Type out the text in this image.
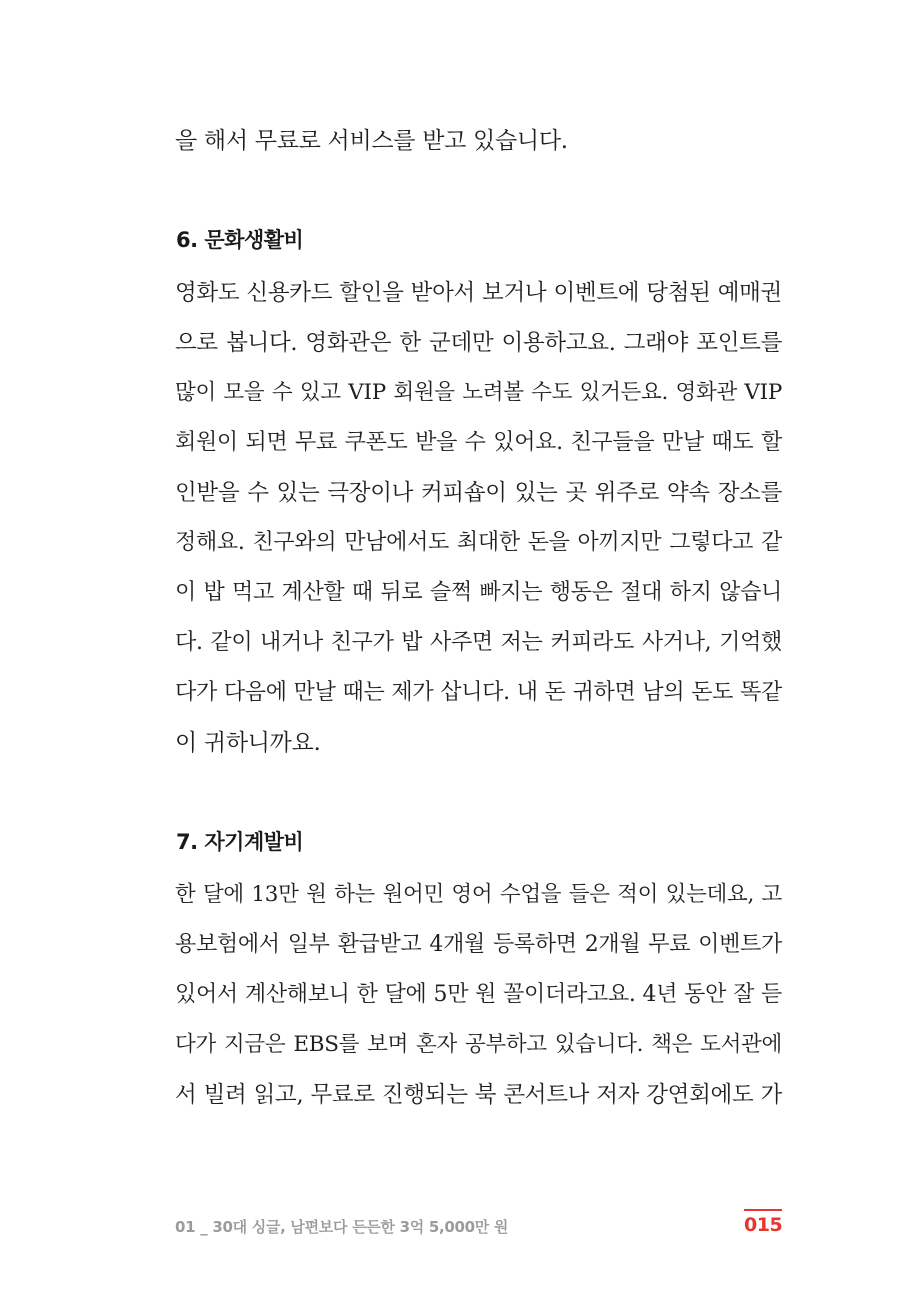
을 해서 무료로 서비스를 받고 있습니다.
6. 문화생활비
영화도 신용카드 할인을 받아서 보거나 이벤트에 당첨된 예매권
으로 봅니다. 영화관은 한 군데만 이용하고요. 그래야 포인트를
많이 모을 수 있고 VIP 회원을 노려볼 수도 있거든요. 영화관 VIP
회원이 되면 무료 쿠폰도 받을 수 있어요. 친구들을 만날 때도 할
인받을 수 있는 극장이나 커피숍이 있는 곳 위주로 약속 장소를
정해요. 친구와의 만남에서도 최대한 돈을 아끼지만 그렇다고 같
이 밥 먹고 계산할 때 뒤로 슬쩍 빠지는 행동은 절대 하지 않습니
다. 같이 내거나 친구가 밥 사주면 저는 커피라도 사거나, 기억했
다가 다음에 만날 때는 제가 삽니다. 내 돈 귀하면 남의 돈도 똑같
이 귀하니까요.
7. 자기계발비
한 달에 13만 원 하는 원어민 영어 수업을 들은 적이 있는데요, 고
용보험에서 일부 환급받고 4개월 등록하면 2개월 무료 이벤트가
있어서 계산해보니 한 달에 5만 원 꼴이더라고요. 4년 동안 잘 듣
다가 지금은 EBS를 보며 혼자 공부하고 있습니다. 책은 도서관에
서 빌려 읽고, 무료로 진행되는 북 콘서트나 저자 강연회에도 가
01 _ 30대 싱글, 남편보다 든든한 3억 5,000만 원	015
